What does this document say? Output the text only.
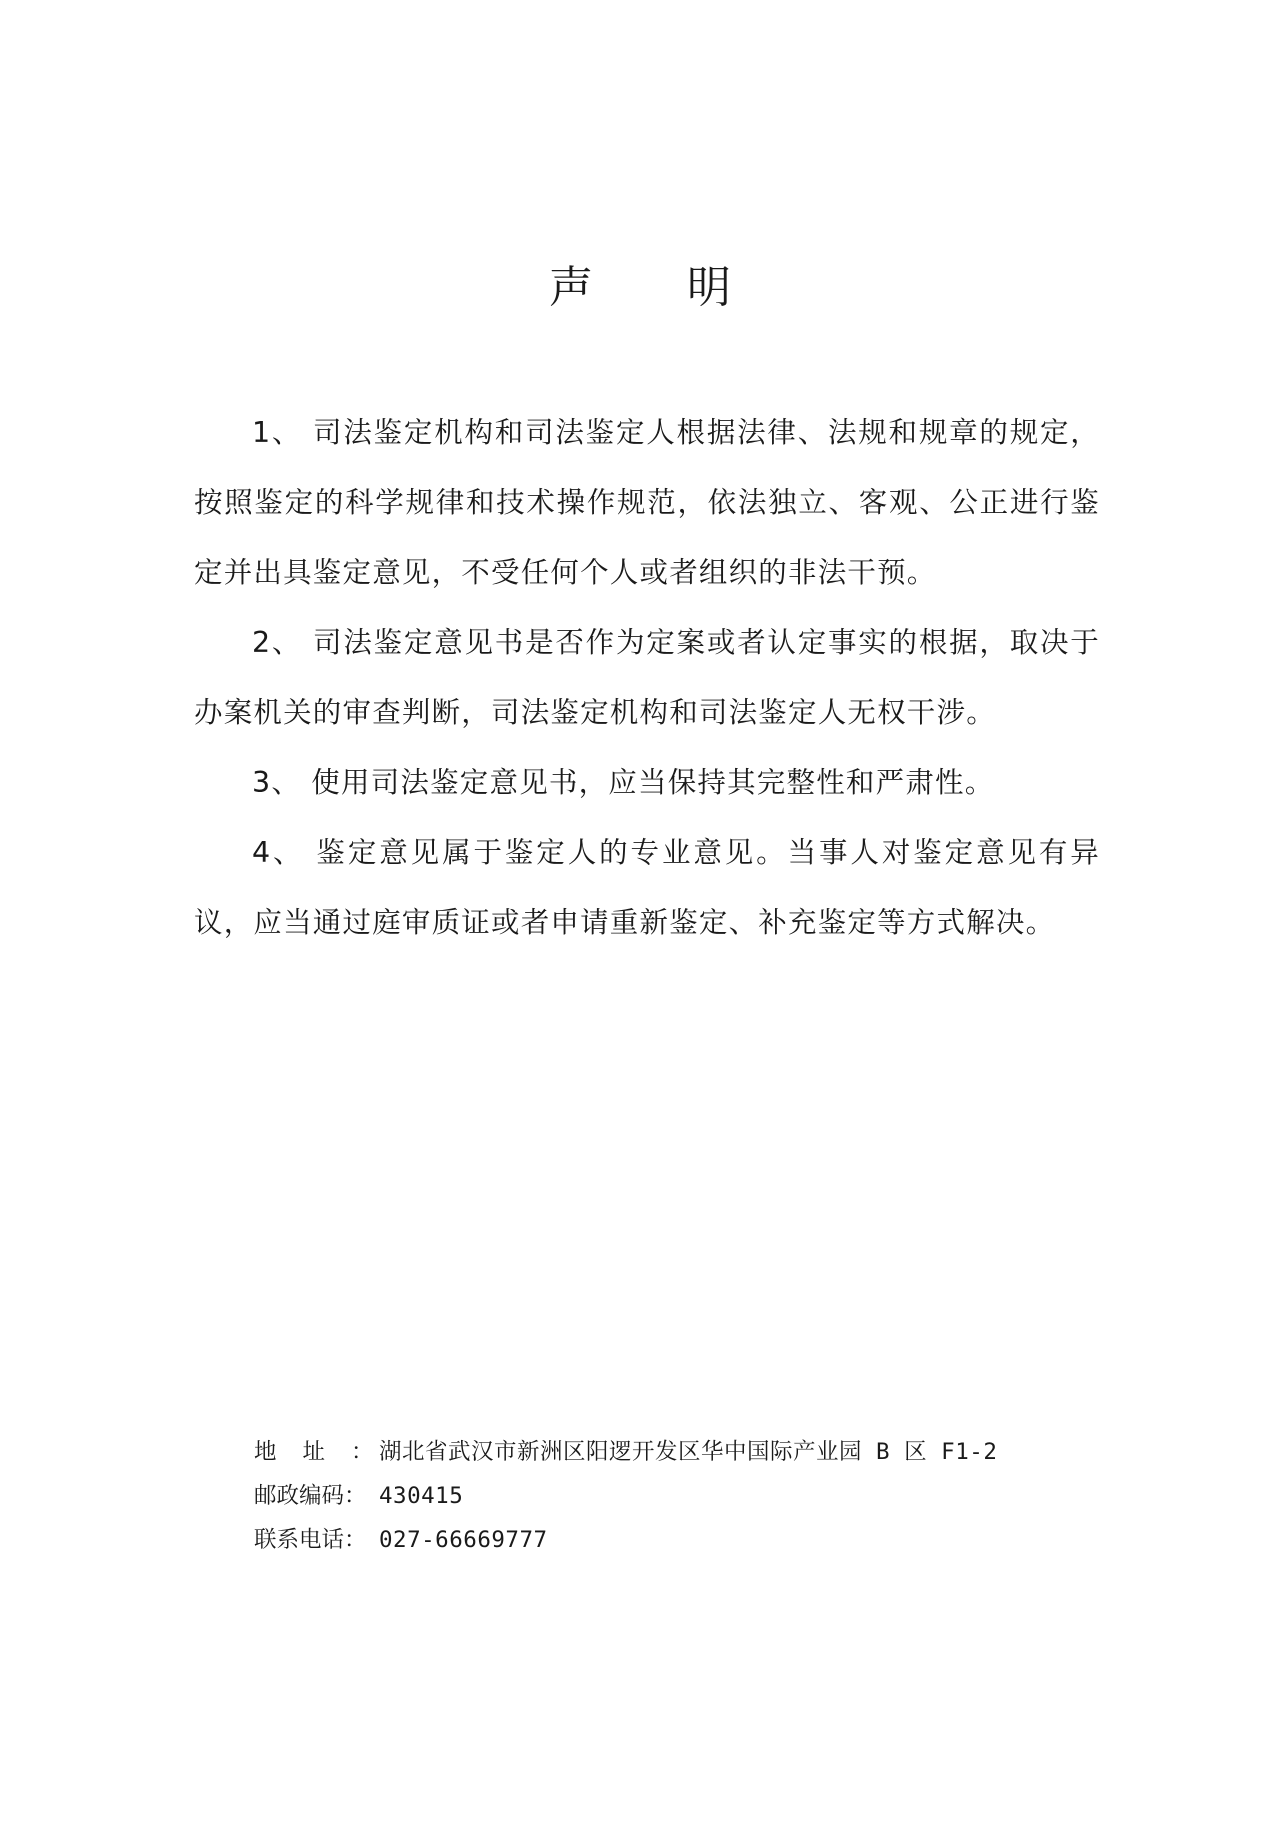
声 明

1、 司法鉴定机构和司法鉴定人根据法律、法规和规章的规定，按照鉴定的科学规律和技术操作规范，依法独立、客观、公正进行鉴定并出具鉴定意见，不受任何个人或者组织的非法干预。

2、 司法鉴定意见书是否作为定案或者认定事实的根据，取决于办案机关的审查判断，司法鉴定机构和司法鉴定人无权干涉。

3、 使用司法鉴定意见书，应当保持其完整性和严肃性。

4、 鉴定意见属于鉴定人的专业意见。当事人对鉴定意见有异议，应当通过庭审质证或者申请重新鉴定、补充鉴定等方式解决。

地址：
湖北省武汉市新洲区阳逻开发区华中国际产业园 B 区 F1-2
邮政编码： 430415
联系电话： 027-66669777
